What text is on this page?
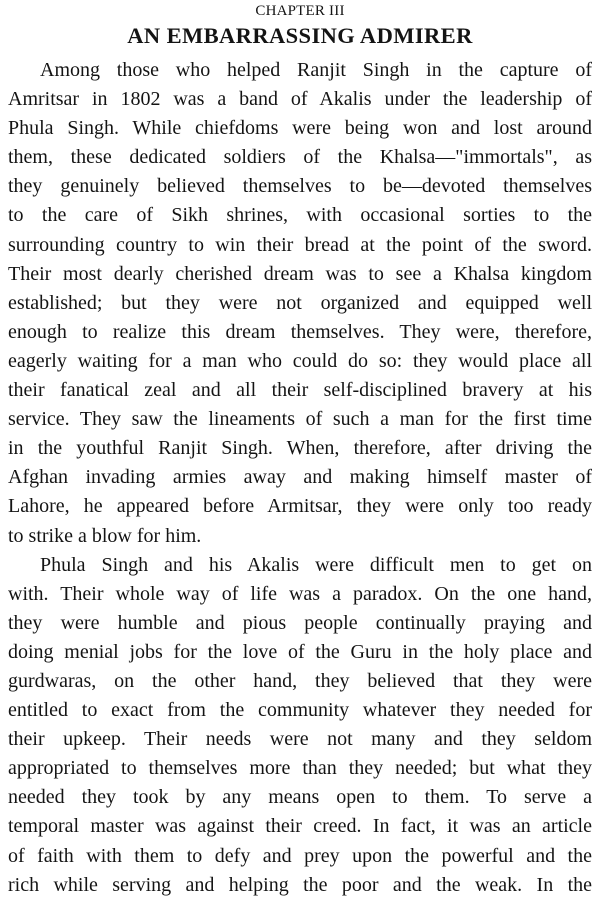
CHAPTER III
AN EMBARRASSING ADMIRER
Among those who helped Ranjit Singh in the capture of
Amritsar in 1802 was a band of Akalis under the leadership of
Phula Singh. While chiefdoms were being won and lost around
them, these dedicated soldiers of the Khalsa—"immortals", as
they genuinely believed themselves to be—devoted themselves
to the care of Sikh shrines, with occasional sorties to the
surrounding country to win their bread at the point of the sword.
Their most dearly cherished dream was to see a Khalsa kingdom
established; but they were not organized and equipped well
enough to realize this dream themselves. They were, therefore,
eagerly waiting for a man who could do so: they would place all
their fanatical zeal and all their self-disciplined bravery at his
service. They saw the lineaments of such a man for the first time
in the youthful Ranjit Singh. When, therefore, after driving the
Afghan invading armies away and making himself master of
Lahore, he appeared before Armitsar, they were only too ready
to strike a blow for him.
Phula Singh and his Akalis were difficult men to get on
with. Their whole way of life was a paradox. On the one hand,
they were humble and pious people continually praying and
doing menial jobs for the love of the Guru in the holy place and
gurdwaras, on the other hand, they believed that they were
entitled to exact from the community whatever they needed for
their upkeep. Their needs were not many and they seldom
appropriated to themselves more than they needed; but what they
needed they took by any means open to them. To serve a
temporal master was against their creed. In fact, it was an article
of faith with them to defy and prey upon the powerful and the
rich while serving and helping the poor and the weak. In the
